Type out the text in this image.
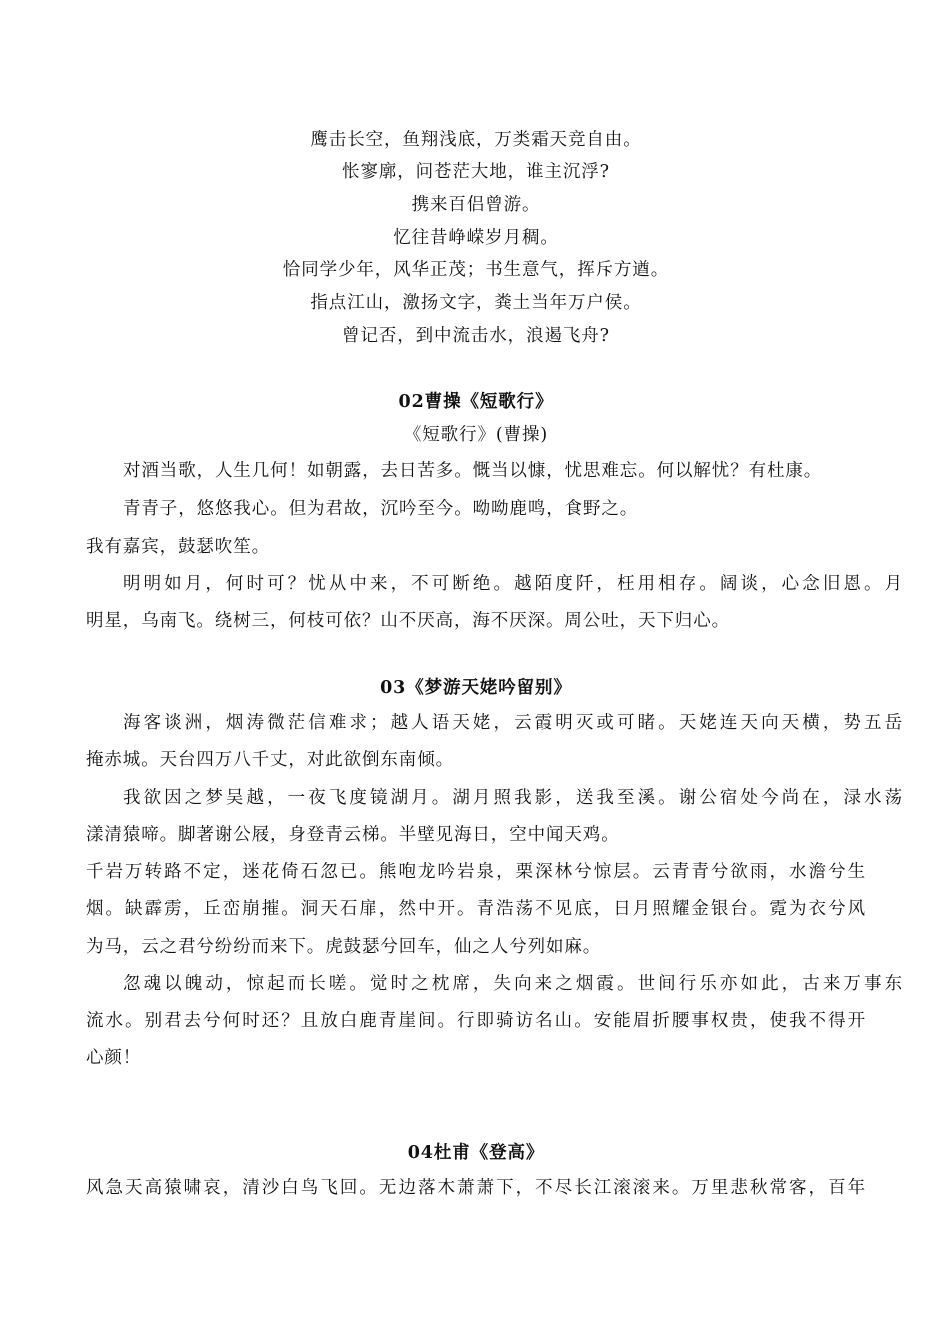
鹰击长空，鱼翔浅底，万类霜天竞自由。
怅寥廓，问苍茫大地，谁主沉浮?
携来百侣曾游。
忆往昔峥嵘岁月稠。
恰同学少年，风华正茂；书生意气，挥斥方遒。
指点江山，激扬文字，粪土当年万户侯。
曾记否，到中流击水，浪遏飞舟?
02曹操《短歌行》
《短歌行》(曹操)
对酒当歌，人生几何！如朝露，去日苦多。慨当以慷，忧思难忘。何以解忧？有杜康。
青青子，悠悠我心。但为君故，沉吟至今。呦呦鹿鸣，食野之。
我有嘉宾，鼓瑟吹笙。
明明如月，何时可？忧从中来，不可断绝。越陌度阡，枉用相存。阔谈，心念旧恩。月
明星，乌南飞。绕树三，何枝可依？山不厌高，海不厌深。周公吐，天下归心。
03《梦游天姥吟留别》
海客谈洲，烟涛微茫信难求；越人语天姥，云霞明灭或可睹。天姥连天向天横，势五岳
掩赤城。天台四万八千丈，对此欲倒东南倾。
我欲因之梦吴越，一夜飞度镜湖月。湖月照我影，送我至溪。谢公宿处今尚在，渌水荡
漾清猿啼。脚著谢公屐，身登青云梯。半壁见海日，空中闻天鸡。
千岩万转路不定，迷花倚石忽已。熊咆龙吟岩泉，栗深林兮惊层。云青青兮欲雨，水澹兮生
烟。缺霹雳，丘峦崩摧。洞天石扉，然中开。青浩荡不见底，日月照耀金银台。霓为衣兮风
为马，云之君兮纷纷而来下。虎鼓瑟兮回车，仙之人兮列如麻。
忽魂以魄动，惊起而长嗟。觉时之枕席，失向来之烟霞。世间行乐亦如此，古来万事东
流水。别君去兮何时还？且放白鹿青崖间。行即骑访名山。安能眉折腰事权贵，使我不得开
心颜！
04杜甫《登高》
风急天高猿啸哀，清沙白鸟飞回。无边落木萧萧下，不尽长江滚滚来。万里悲秋常客，百年
